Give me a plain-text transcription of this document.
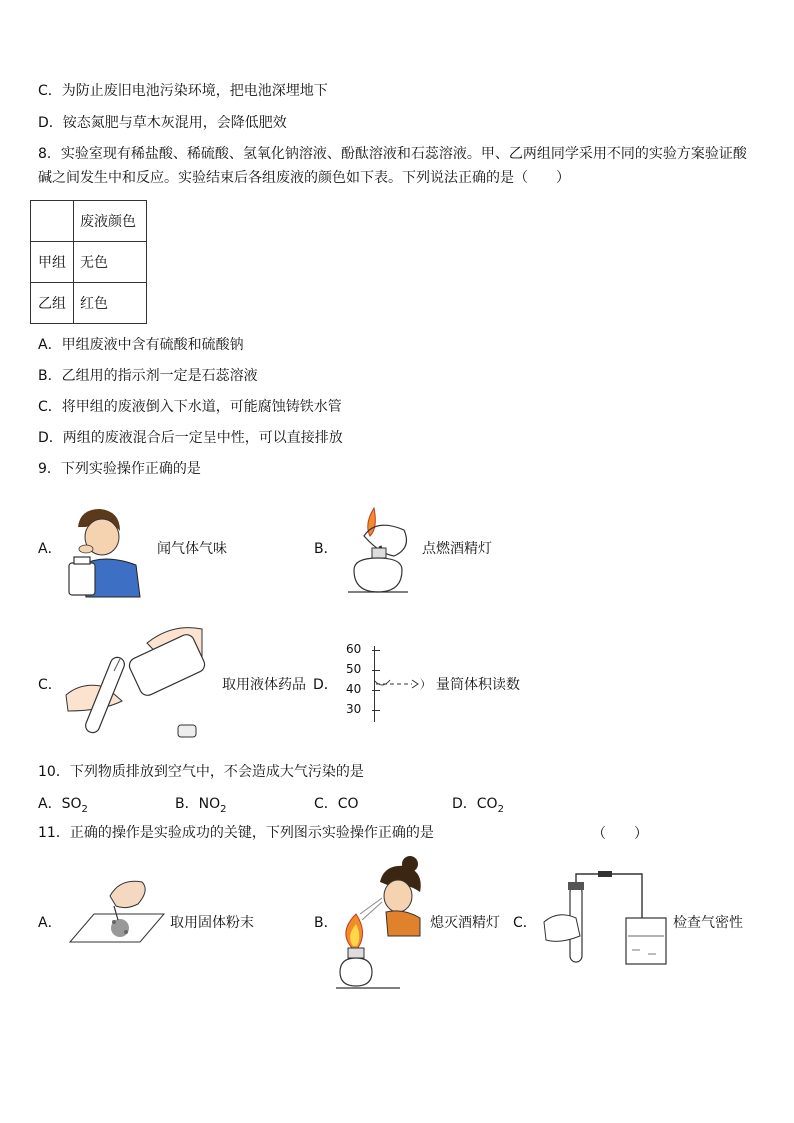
C．为防止废旧电池污染环境，把电池深埋地下
D．铵态氮肥与草木灰混用，会降低肥效
8．实验室现有稀盐酸、稀硫酸、氢氧化钠溶液、酚酞溶液和石蕊溶液。甲、乙两组同学采用不同的实验方案验证酸碱之间发生中和反应。实验结束后各组废液的颜色如下表。下列说法正确的是（　　）
	废液颜色
甲组	无色
乙组	红色
A．甲组废液中含有硫酸和硫酸钠
B．乙组用的指示剂一定是石蕊溶液
C．将甲组的废液倒入下水道，可能腐蚀铸铁水管
D．两组的废液混合后一定呈中性，可以直接排放
9．下列实验操作正确的是
A．	闻气体气味	B．	点燃酒精灯
C．	取用液体药品 D．
60
50
40
30
量筒体积读数
10．下列物质排放到空气中，不会造成大气污染的是
A．$SO_2$	B．$NO_2$	C．CO	D．$CO_2$
11．正确的操作是实验成功的关键，下列图示实验操作正确的是	（　　）
A．	取用固体粉末	B．	熄灭酒精灯 C．	检查气密性
